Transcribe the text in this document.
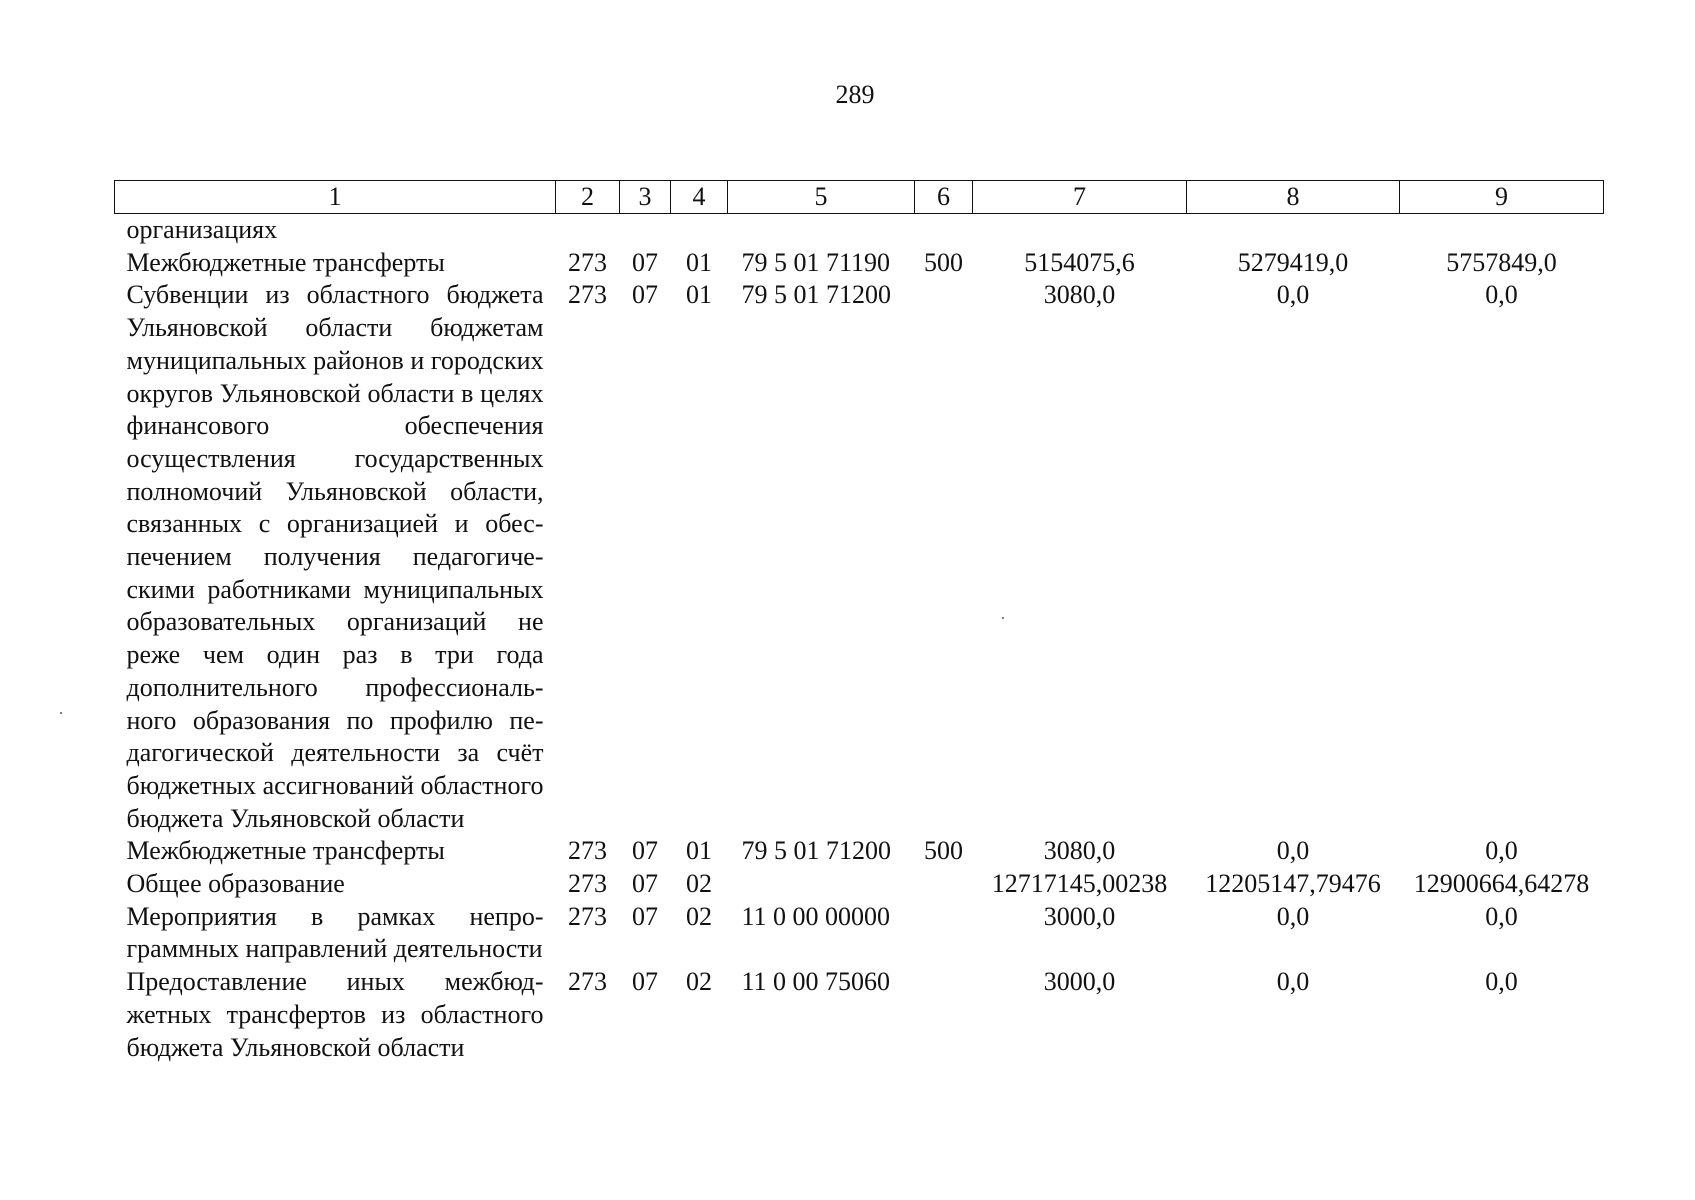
289
1	2	3	4	5	6	7	8	9
организациях								
Межбюджетные трансферты	273	07	01	79 5 01 71190	500	5154075,6	5279419,0	5757849,0
Субвенции из областного бюджета Ульяновской области бюджетам муниципальных районов и городских округов Ульяновской области в целях финансового обеспечения осуществления государственных полномочий Ульяновской области, связанных с организацией и обеспечением получения педагогическими работниками муниципальных образовательных организаций не реже чем один раз в три года дополнительного профессионального образования по профилю педагогической деятельности за счёт бюджетных ассигнований областного бюджета Ульяновской области	273	07	01	79 5 01 71200		3080,0	0,0	0,0
Межбюджетные трансферты	273	07	01	79 5 01 71200	500	3080,0	0,0	0,0
Общее образование	273	07	02			12717145,00238	12205147,79476	12900664,64278
Мероприятия в рамках непрограммных направлений деятельности	273	07	02	11 0 00 00000		3000,0	0,0	0,0
Предоставление иных межбюджетных трансфертов из областного бюджета Ульяновской области	273	07	02	11 0 00 75060		3000,0	0,0	0,0
